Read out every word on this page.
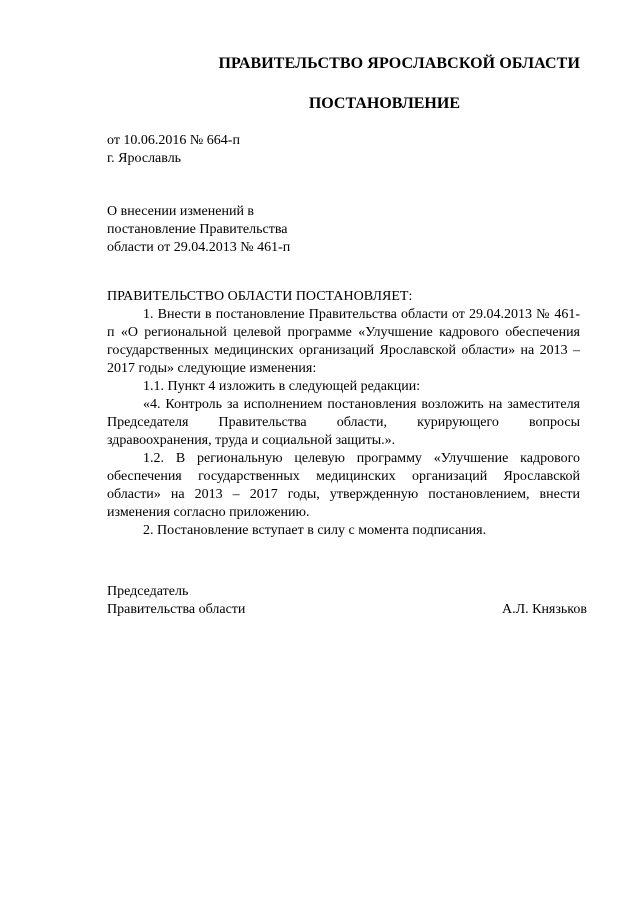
ПРАВИТЕЛЬСТВО ЯРОСЛАВСКОЙ ОБЛАСТИ
ПОСТАНОВЛЕНИЕ
от 10.06.2016 № 664-п
г. Ярославль
О внесении изменений в
постановление Правительства
области от 29.04.2013 № 461-п

ПРАВИТЕЛЬСТВО ОБЛАСТИ ПОСТАНОВЛЯЕТ:

1. Внести в постановление Правительства области от 29.04.2013 № 461-п «О региональной целевой программе «Улучшение кадрового обеспечения государственных медицинских организаций Ярославской области» на 2013 – 2017 годы» следующие изменения:

1.1. Пункт 4 изложить в следующей редакции:

«4. Контроль за исполнением постановления возложить на заместителя Председателя Правительства области, курирующего вопросы здравоохранения, труда и социальной защиты.».

1.2. В региональную целевую программу «Улучшение кадрового обеспечения государственных медицинских организаций Ярославской области» на 2013 – 2017 годы, утвержденную постановлением, внести изменения согласно приложению.

2. Постановление вступает в силу с момента подписания.

Председатель
Правительства области	А.Л. Князьков
